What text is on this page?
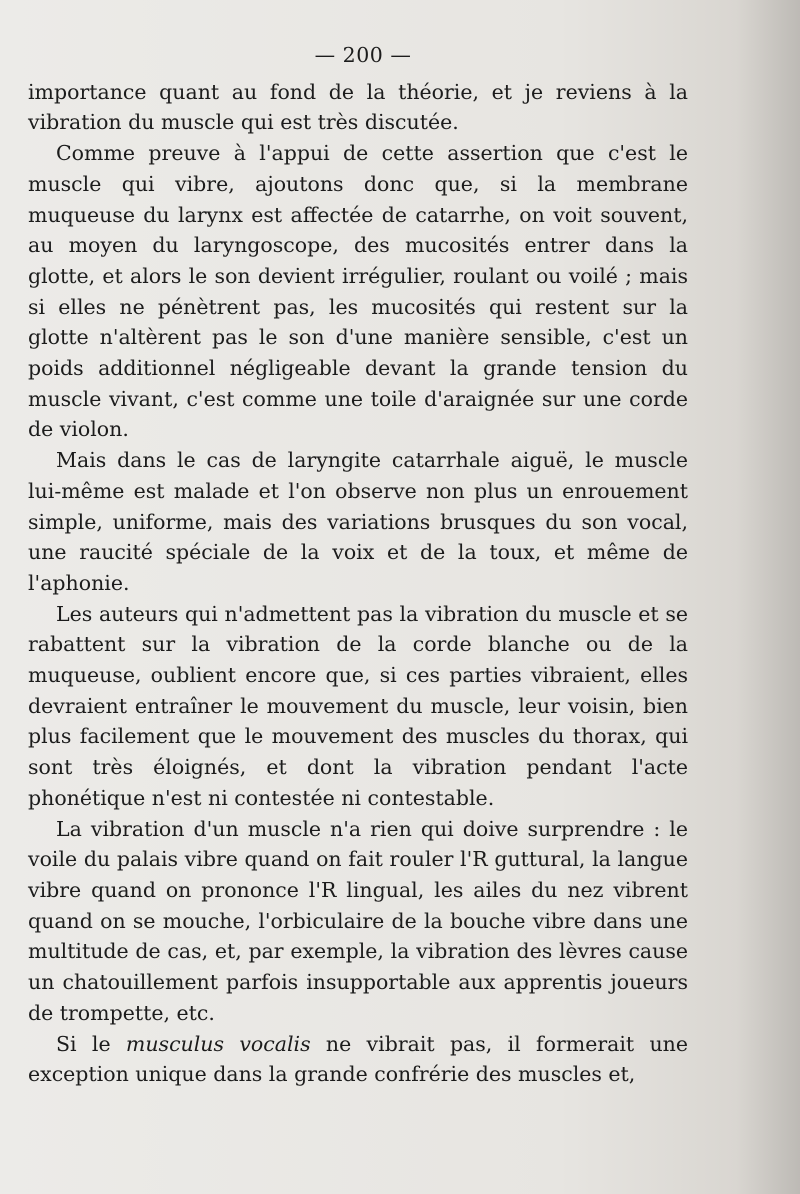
— 200 —

importance quant au fond de la théorie, et je reviens à la vibration du muscle qui est très discutée.

Comme preuve à l'appui de cette assertion que c'est le muscle qui vibre, ajoutons donc que, si la membrane muqueuse du larynx est affectée de catarrhe, on voit souvent, au moyen du laryngoscope, des mucosités entrer dans la glotte, et alors le son devient irrégulier, roulant ou voilé ; mais si elles ne pénètrent pas, les mucosités qui restent sur la glotte n'altèrent pas le son d'une manière sensible, c'est un poids additionnel négligeable devant la grande tension du muscle vivant, c'est comme une toile d'araignée sur une corde de violon.

Mais dans le cas de laryngite catarrhale aiguë, le muscle lui-même est malade et l'on observe non plus un enrouement simple, uniforme, mais des variations brusques du son vocal, une raucité spéciale de la voix et de la toux, et même de l'aphonie.

Les auteurs qui n'admettent pas la vibration du muscle et se rabattent sur la vibration de la corde blanche ou de la muqueuse, oublient encore que, si ces parties vibraient, elles devraient entraîner le mouvement du muscle, leur voisin, bien plus facilement que le mouvement des muscles du thorax, qui sont très éloignés, et dont la vibration pendant l'acte phonétique n'est ni contestée ni contestable.

La vibration d'un muscle n'a rien qui doive surprendre : le voile du palais vibre quand on fait rouler l'R guttural, la langue vibre quand on prononce l'R lingual, les ailes du nez vibrent quand on se mouche, l'orbiculaire de la bouche vibre dans une multitude de cas, et, par exemple, la vibration des lèvres cause un chatouillement parfois insupportable aux apprentis joueurs de trompette, etc.

Si le musculus vocalis ne vibrait pas, il formerait une exception unique dans la grande confrérie des muscles et,
